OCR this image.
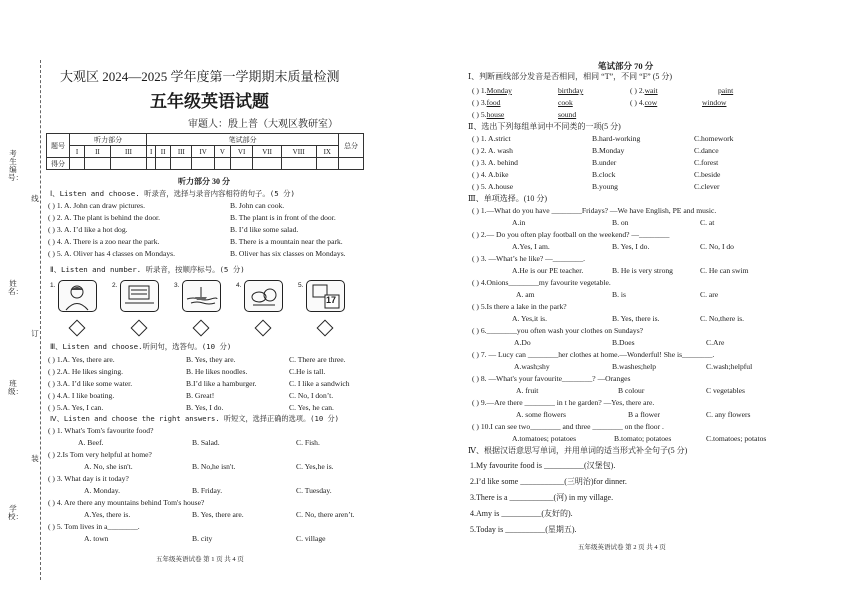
考生编号：
线
姓名：
订
班级：
装
学校：
大观区 2024—2025 学年度第一学期期末质量检测
五年级英语试题
审题人：殷上普（大观区教研室）
题号	听力部分			笔试部分									总分
	I	II	III	I	II	III	IV	V	VI	VII	VIII	IX	
得分													
听力部分 30 分
Ⅰ、Listen and choose. 听录音，选择与录音内容相符的句子。(5 分)
( ) 1. A. John can draw pictures.	B. John can cook.
( ) 2. A. The plant is behind the door.	B. The plant is in front of the door.
( ) 3. A. I’d like a hot dog.	B. I’d like some salad.
( ) 4. A. There is a zoo near the park.	B. There is a mountain near the park.
( ) 5. A. Oliver has 4 classes on Mondays.	B. Oliver has six classes on Mondays.
Ⅱ、Listen and number. 听录音，按顺序标号。(5 分)
1.	2.	3.	4.	5.
17
Ⅲ、Listen and choose.听问句，选答句。(10 分)
( ) 1.A. Yes, there are.	B. Yes, they are.	C. There are three.
( ) 2.A. He likes singing.	B. He likes noodles.	C.He is tall.
( ) 3.A. I’d like some water.	B.I’d like a hamburger.	C. I like a sandwich
( ) 4.A. I like boating.	B. Great!	C. No, I don’t.
( ) 5.A. Yes, I can.	B. Yes, I do.	C. Yes, he can.
Ⅳ、Listen and choose the right answers. 听短文，选择正确的选项。(10 分)
( ) 1. What's Tom's favourite food?
A. Beef.	B. Salad.	C. Fish.
( ) 2.Is Tom very helpful at home?
A. No, she isn't.	B. No,he isn't.	C. Yes,he is.
( ) 3. What day is it today?
A. Monday.	B. Friday.	C. Tuesday.
( ) 4. Are there any mountains behind Tom's house?
A.Yes, there is.	B. Yes, there are.	C. No, there aren’t.
( ) 5. Tom lives in a________.
A. town	B. city	C. village
五年级英语试卷 第 1 页 共 4 页
笔试部分 70 分
Ⅰ、判断画线部分发音是否相同，相同 “T”，不同 “F” (5 分)
( ) 1.Monday	birthday	( ) 2.wait	paint
( ) 3.food	cook	( ) 4.cow	window
( ) 5.house	sound
Ⅱ、选出下列每组单词中不同类的一项(5 分)
( ) 1. A.strict	B.hard-working	C.homework
( ) 2. A. wash	B.Monday	C.dance
( ) 3. A. behind	B.under	C.forest
( ) 4. A.bike	B.clock	C.beside
( ) 5. A.house	B.young	C.clever
Ⅲ、单项选择。(10 分)
( ) 1.—What do you have ________Fridays? —We have English, PE and music.
A.in	B. on	C. at
( ) 2.— Do you often play football on the weekend? —________
A.Yes, I am.	B. Yes, I do.	C. No, I do
( ) 3. —What’s he like? —________.
A.He is our PE teacher.	B. He is very strong	C. He can swim
( ) 4.Onions________my favourite vegetable.
A. am	B. is	C. are
( ) 5.Is there a lake in the park?
A. Yes,it is.	B. Yes, there is.	C. No,there is.
( ) 6.________you often wash your clothes on Sundays?
A.Do	B.Does	C.Are
( ) 7. — Lucy can ________her clothes at home.—Wonderful! She is________.
A.wash;shy	B.washes;help	C.wash;helpful
( ) 8. —What's your favourite________? —Oranges
A. fruit	B colour	C vegetables
( ) 9.—Are there ________ in t he garden? —Yes, there are.
A. some flowers	B a flower	C. any flowers
( ) 10.I can see two________ and three ________ on the floor .
A.tomatoes; potatoes	B.tomato; potatoes	C.tomatoes; potatos
Ⅳ、根据汉语意思写单词，并用单词的适当形式补全句子(5 分)
1.My favourite food is __________(汉堡包).
2.I’d like some ___________(三明治)for dinner.
3.There is a ___________(河) in my village.
4.Amy is __________(友好的).
5.Today is __________(星期五).
五年级英语试卷 第 2 页 共 4 页
